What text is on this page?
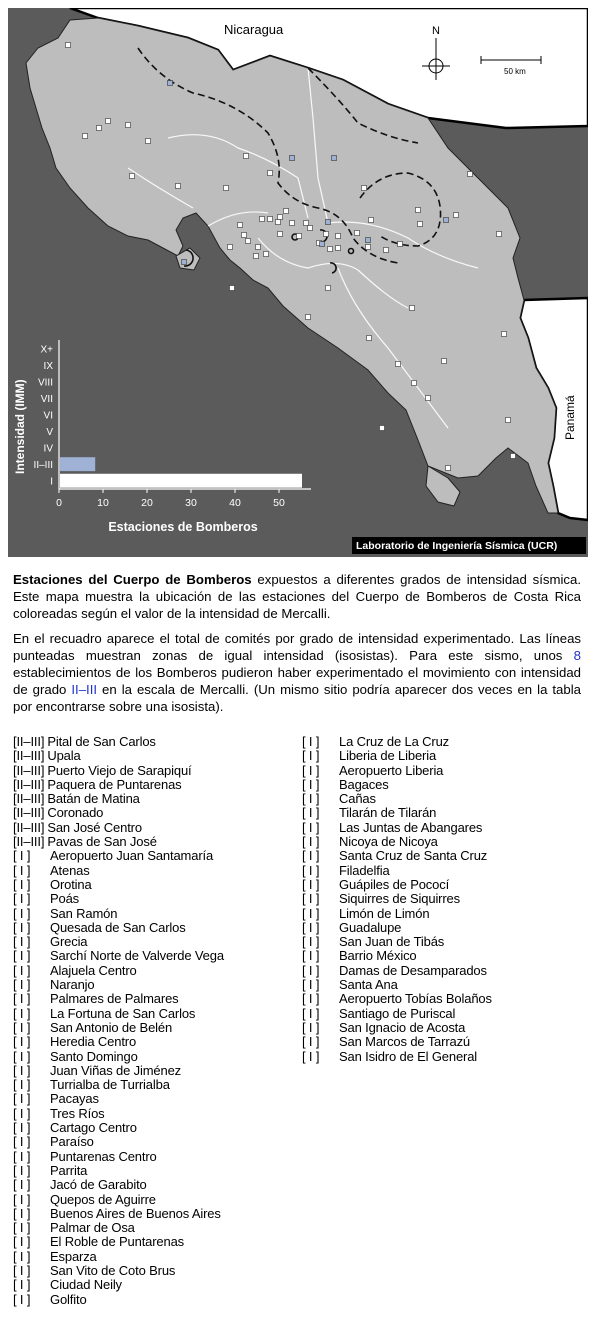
Nicaragua
Panamá
N
50 km
Laboratorio de Ingeniería Sísmica (UCR)
Intensidad (IMM)
Estaciones de Bomberos
X+
IX
VIII
VII
VI
V
IV
II–III
I
0	10	20	30	40	50

Estaciones del Cuerpo de Bomberos expuestos a diferentes grados de intensidad sísmica. Este mapa muestra la ubicación de las estaciones del Cuerpo de Bomberos de Costa Rica coloreadas según el valor de la intensidad de Mercalli.

En el recuadro aparece el total de comités por grado de intensidad experimentado. Las líneas punteadas muestran zonas de igual intensidad (isosistas). Para este sismo, unos 8 establecimientos de los Bomberos pudieron haber experimentado el movimiento con intensidad de grado II–III en la escala de Mercalli. (Un mismo sitio podría aparecer dos veces en la tabla por encontrarse sobre una isosista).

[II–III] Pital de San Carlos
[II–III] Upala
[II–III] Puerto Viejo de Sarapiquí
[II–III] Paquera de Puntarenas
[II–III] Batán de Matina
[II–III] Coronado
[II–III] San José Centro
[II–III] Pavas de San José
[ I ] Aeropuerto Juan Santamaría
[ I ] Atenas
[ I ] Orotina
[ I ] Poás
[ I ] San Ramón
[ I ] Quesada de San Carlos
[ I ] Grecia
[ I ] Sarchí Norte de Valverde Vega
[ I ] Alajuela Centro
[ I ] Naranjo
[ I ] Palmares de Palmares
[ I ] La Fortuna de San Carlos
[ I ] San Antonio de Belén
[ I ] Heredia Centro
[ I ] Santo Domingo
[ I ] Juan Viñas de Jiménez
[ I ] Turrialba de Turrialba
[ I ] Pacayas
[ I ] Tres Ríos
[ I ] Cartago Centro
[ I ] Paraíso
[ I ] Puntarenas Centro
[ I ] Parrita
[ I ] Jacó de Garabito
[ I ] Quepos de Aguirre
[ I ] Buenos Aires de Buenos Aires
[ I ] Palmar de Osa
[ I ] El Roble de Puntarenas
[ I ] Esparza
[ I ] San Vito de Coto Brus
[ I ] Ciudad Neily
[ I ] Golfito
[ I ] La Cruz de La Cruz
[ I ] Liberia de Liberia
[ I ] Aeropuerto Liberia
[ I ] Bagaces
[ I ] Cañas
[ I ] Tilarán de Tilarán
[ I ] Las Juntas de Abangares
[ I ] Nicoya de Nicoya
[ I ] Santa Cruz de Santa Cruz
[ I ] Filadelfia
[ I ] Guápiles de Pococí
[ I ] Siquirres de Siquirres
[ I ] Limón de Limón
[ I ] Guadalupe
[ I ] San Juan de Tibás
[ I ] Barrio México
[ I ] Damas de Desamparados
[ I ] Santa Ana
[ I ] Aeropuerto Tobías Bolaños
[ I ] Santiago de Puriscal
[ I ] San Ignacio de Acosta
[ I ] San Marcos de Tarrazú
[ I ] San Isidro de El General
